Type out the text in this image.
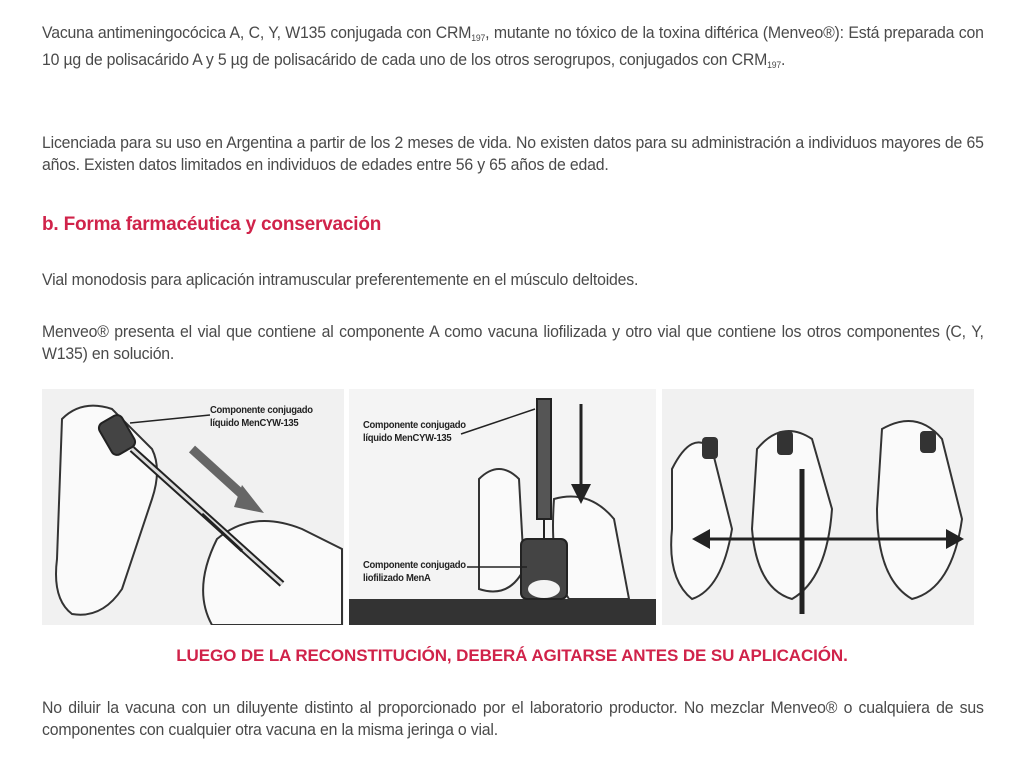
Vacuna antimeningocócica A, C, Y, W135 conjugada con $CRM_{197}$, mutante no tóxico de la toxina diftérica (Menveo®): Está preparada con 10 µg de polisacárido A y 5 µg de polisacárido de cada uno de los otros serogrupos, conjugados con $CRM_{197}$.

Licenciada para su uso en Argentina a partir de los 2 meses de vida. No existen datos para su administración a individuos mayores de 65 años. Existen datos limitados en individuos de edades entre 56 y 65 años de edad.

b. Forma farmacéutica y conservación

Vial monodosis para aplicación intramuscular preferentemente en el músculo deltoides.

Menveo® presenta el vial que contiene al componente A como vacuna liofilizada y otro vial que contiene los otros componentes (C, Y, W135) en solución.

Componente conjugado líquido MenCYW-135	Componente conjugado líquido MenCYW-135
Componente conjugado liofilizado MenA

LUEGO DE LA RECONSTITUCIÓN, DEBERÁ AGITARSE ANTES DE SU APLICACIÓN.

No diluir la vacuna con un diluyente distinto al proporcionado por el laboratorio productor. No mezclar Menveo® o cualquiera de sus componentes con cualquier otra vacuna en la misma jeringa o vial.
